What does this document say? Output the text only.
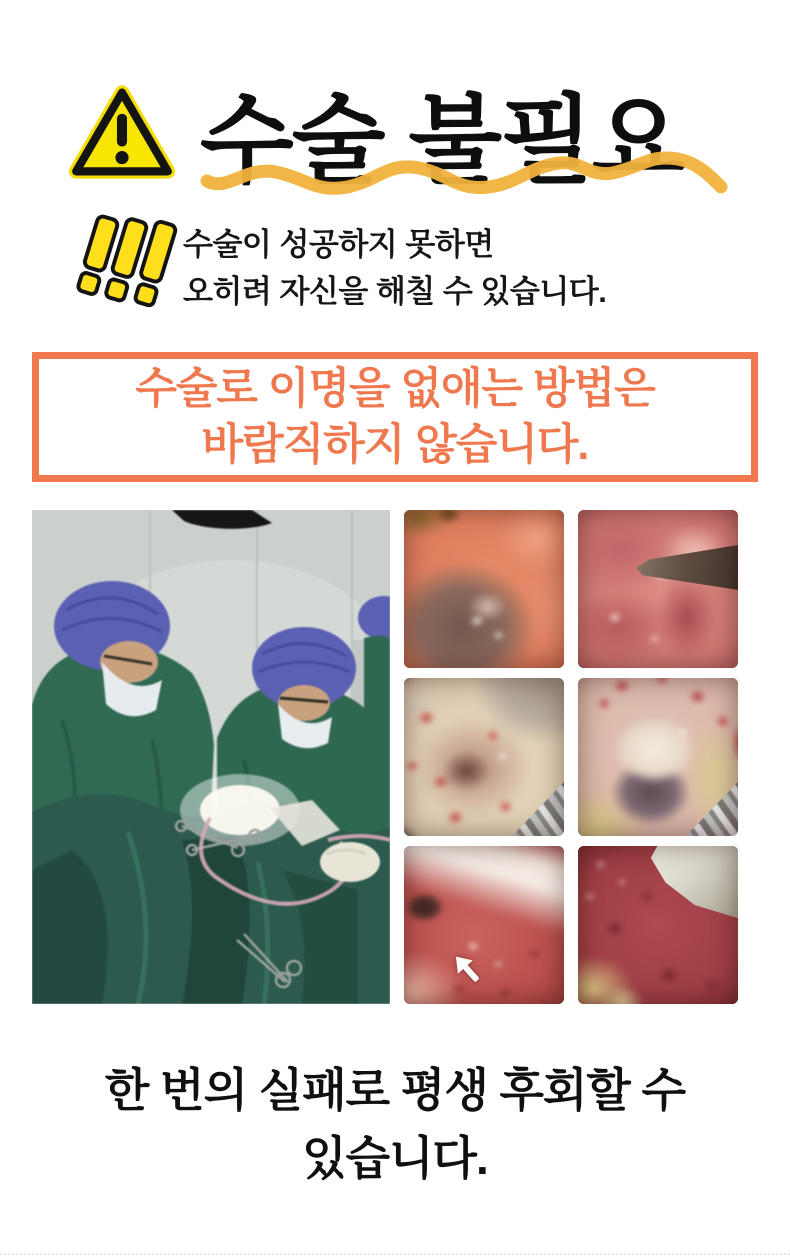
수술 불필요
수술이 성공하지 못하면
오히려 자신을 해칠 수 있습니다.
수술로 이명을 없애는 방법은
바람직하지 않습니다.
한 번의 실패로 평생 후회할 수
있습니다.
